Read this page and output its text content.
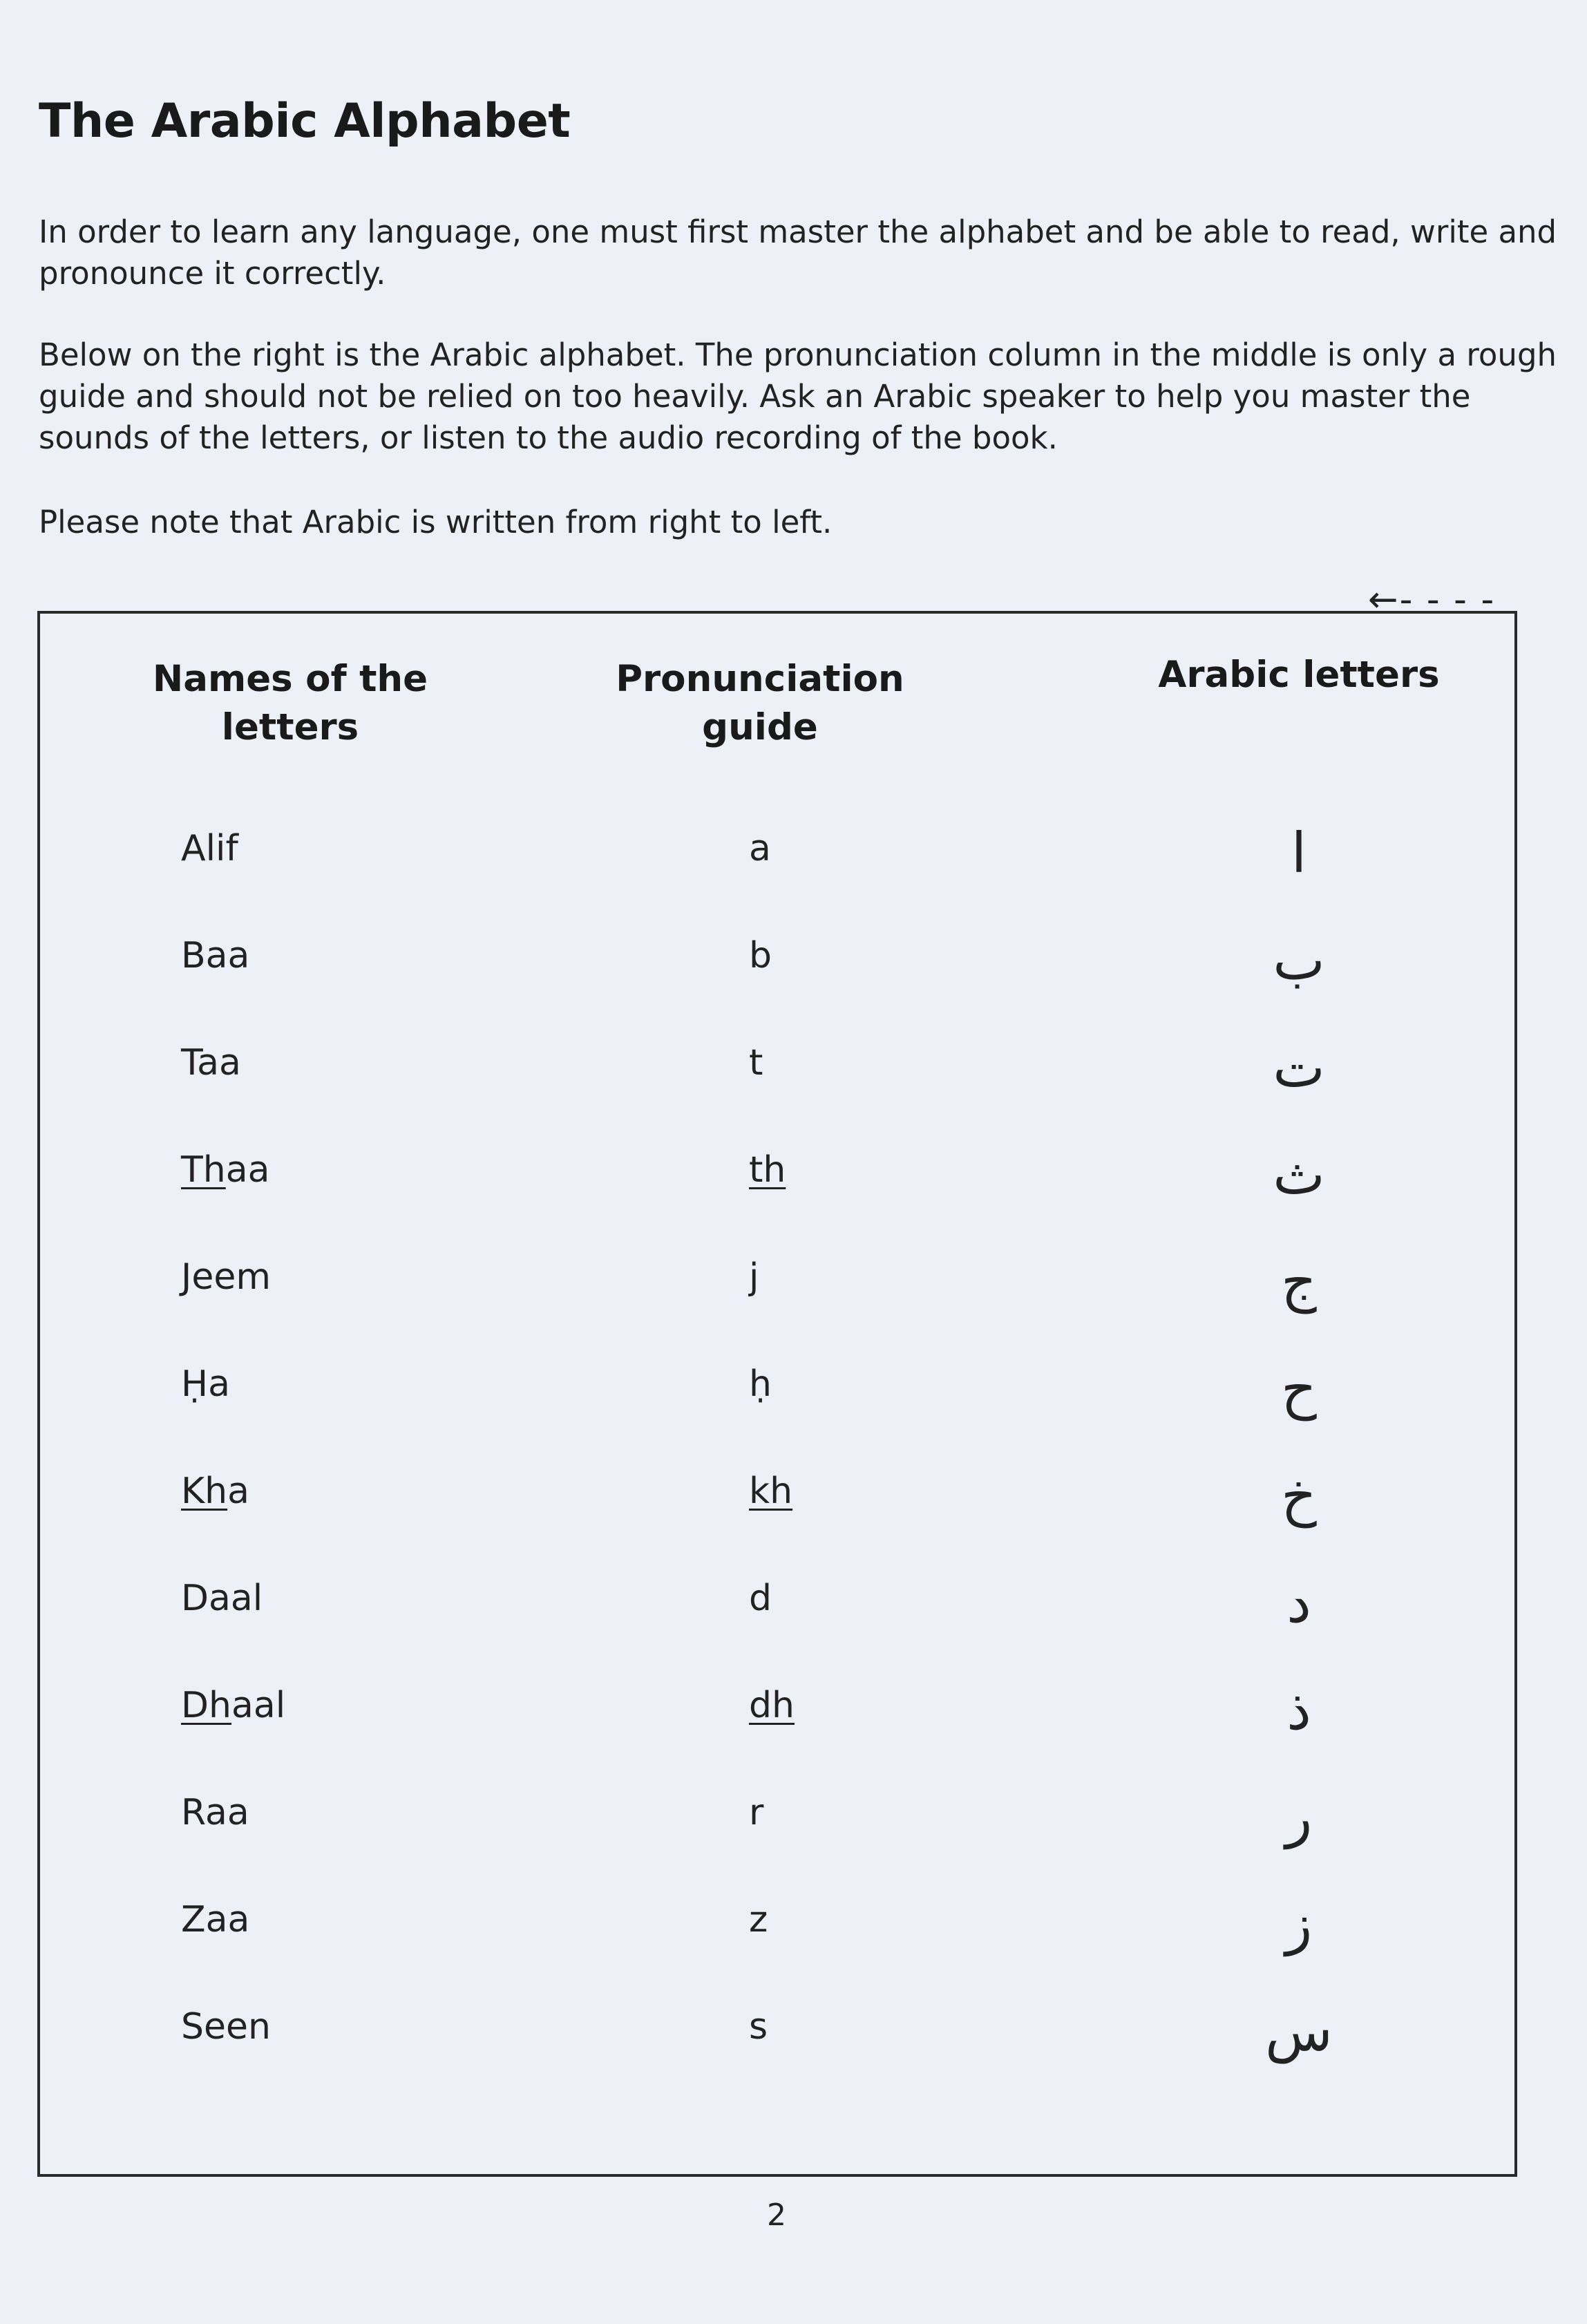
The Arabic Alphabet
In order to learn any language, one must first master the alphabet and be able to read, write and pronounce it correctly.
Below on the right is the Arabic alphabet. The pronunciation column in the middle is only a rough guide and should not be relied on too heavily. Ask an Arabic speaker to help you master the sounds of the letters, or listen to the audio recording of the book.
Please note that Arabic is written from right to left.
←- - - -
Names of the letters
Pronunciation guide
Arabic letters
Alif	a	ا
Baa	b	ب
Taa	t	ت
Thaa	th	ث
Jeem	j	ج
Ḥa	ḥ	ح
Kha	kh	خ
Daal	d	د
Dhaal	dh	ذ
Raa	r	ر
Zaa	z	ز
Seen	s	س
2
